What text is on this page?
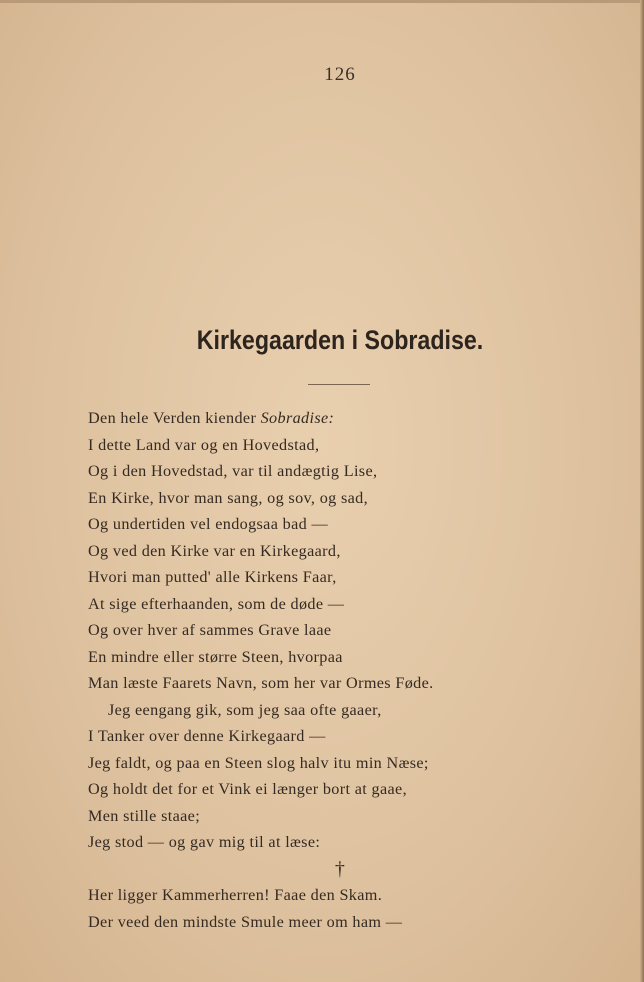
126
Kirkegaarden i Sobradise.
Den hele Verden kiender Sobradise:
I dette Land var og en Hovedstad,
Og i den Hovedstad, var til andægtig Lise,
En Kirke, hvor man sang, og sov, og sad,
Og undertiden vel endogsaa bad —
Og ved den Kirke var en Kirkegaard,
Hvori man putted' alle Kirkens Faar,
At sige efterhaanden, som de døde —
Og over hver af sammes Grave laae
En mindre eller større Steen, hvorpaa
Man læste Faarets Navn, som her var Ormes Føde.
Jeg eengang gik, som jeg saa ofte gaaer,
I Tanker over denne Kirkegaard —
Jeg faldt, og paa en Steen slog halv itu min Næse;
Og holdt det for et Vink ei længer bort at gaae,
Men stille staae;
Jeg stod — og gav mig til at læse:
†
Her ligger Kammerherren! Faae den Skam.
Der veed den mindste Smule meer om ham —
